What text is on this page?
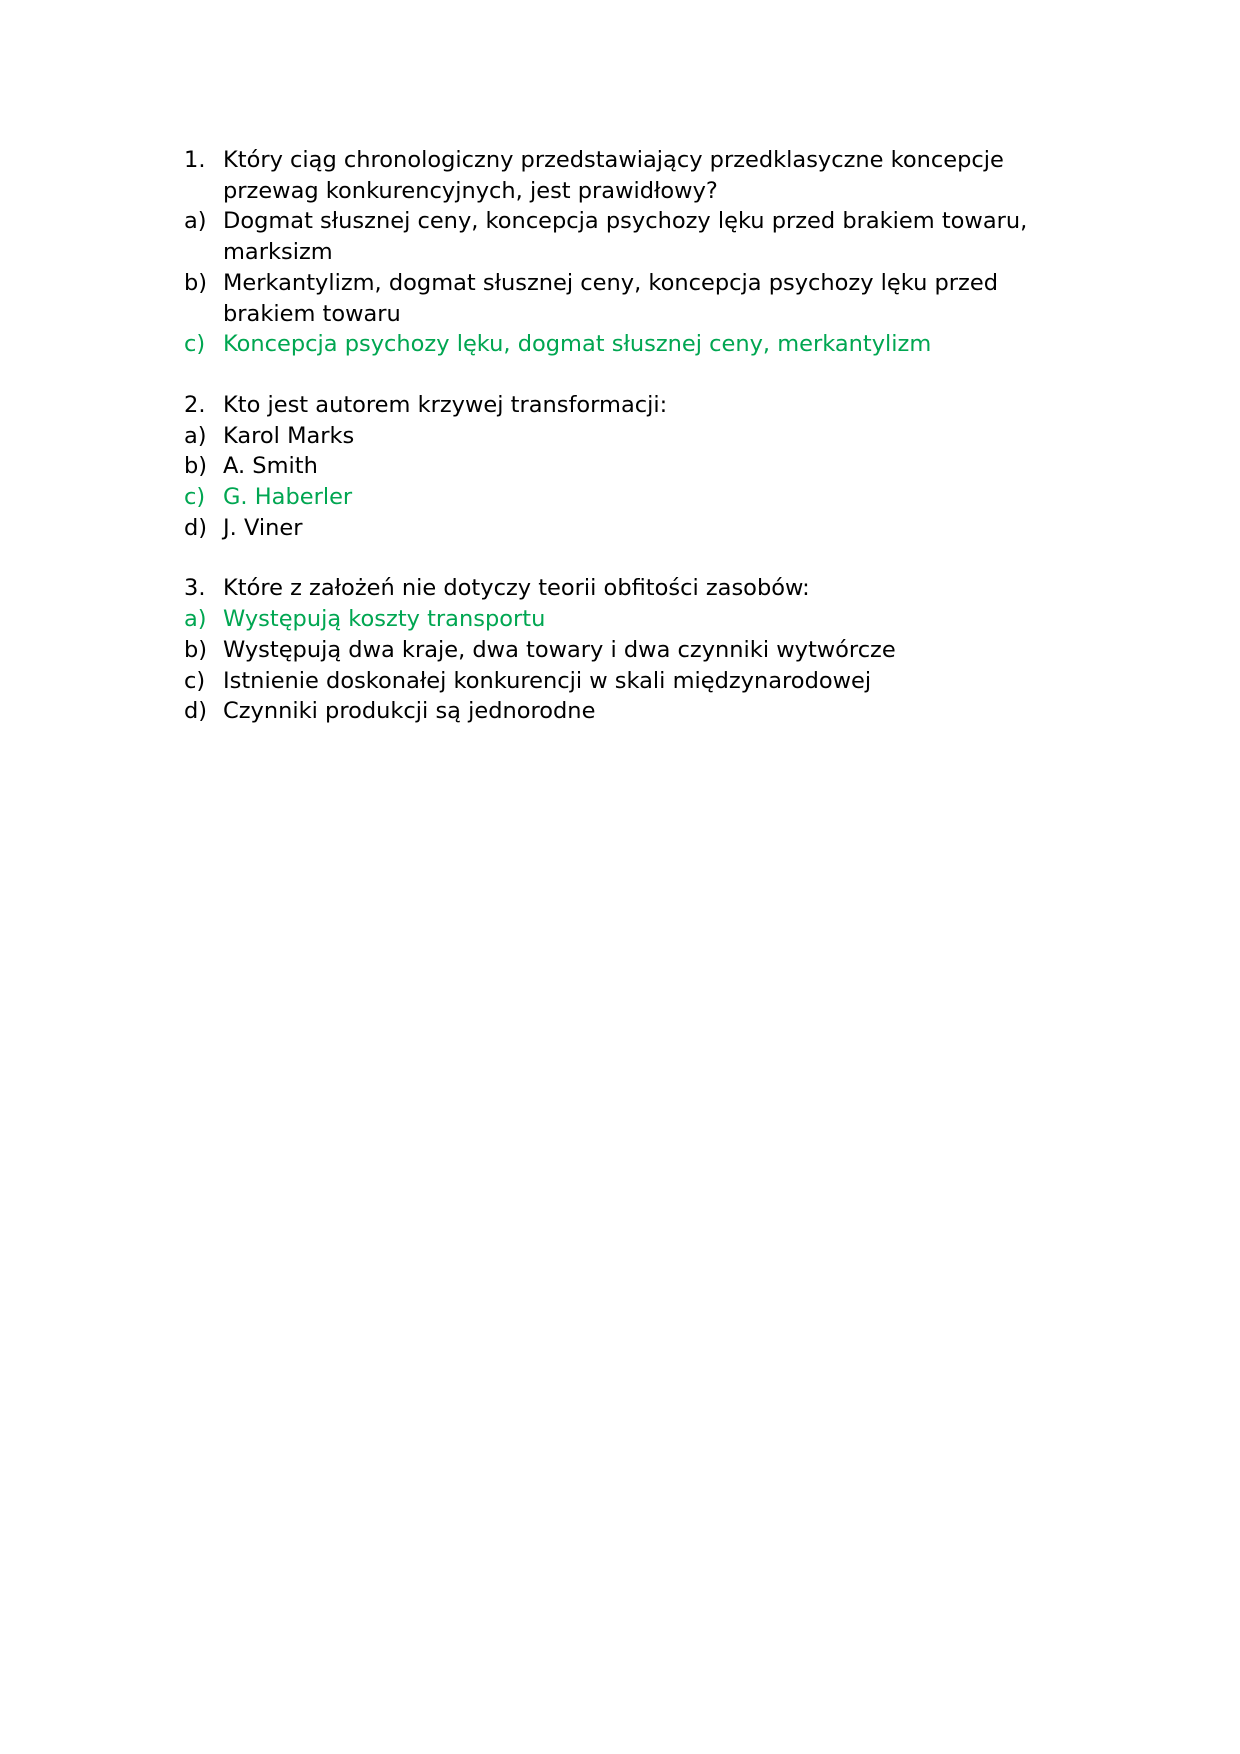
1. Który ciąg chronologiczny przedstawiający przedklasyczne koncepcje przewag konkurencyjnych, jest prawidłowy?
a) Dogmat słusznej ceny, koncepcja psychozy lęku przed brakiem towaru, marksizm
b) Merkantylizm, dogmat słusznej ceny, koncepcja psychozy lęku przed brakiem towaru
c) Koncepcja psychozy lęku, dogmat słusznej ceny, merkantylizm
2. Kto jest autorem krzywej transformacji:
a) Karol Marks
b) A. Smith
c) G. Haberler
d) J. Viner
3. Które z założeń nie dotyczy teorii obfitości zasobów:
a) Występują koszty transportu
b) Występują dwa kraje, dwa towary i dwa czynniki wytwórcze
c) Istnienie doskonałej konkurencji w skali międzynarodowej
d) Czynniki produkcji są jednorodne
